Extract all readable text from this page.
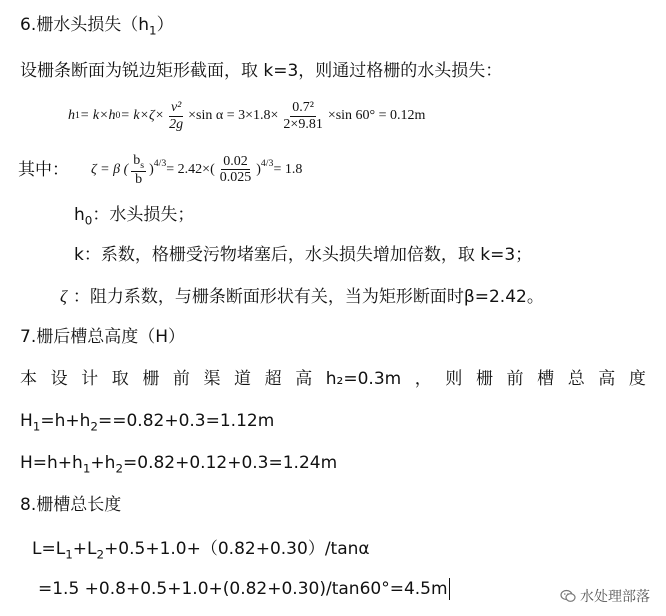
6.栅水头损失$(h_1)$
设栅条断面为锐边矩形截面，取 k=3，则通过格栅的水头损失：
h 1 = k×h $0 = k\times\zeta\times \frac{\text{v²}}{2g} \times\sin$ $\alpha = 3\times 1.8\times \frac{\text{0.7²}}{2\times 9.81} \times\sin$ 60° = 0.12m
其中： ζ = β ( $\frac{b_s}{b} )^{4/3} = 2.42\times( \frac{0.02}{0.025} )^{4/3} = 1.8$
$h_0$：水头损失；
k：系数，格栅受污物堵塞后，水头损失增加倍数，取 k=3；
ζ ：阻力系数，与栅条断面形状有关，当为矩形断面时β=2.42。
7.栅后槽总高度（H）
本 设 计 取 栅 前 渠 道 超 高 h₂=0.3m ， 则 栅 前 槽 总 高 度
$H_1=h+h_2==0.82+0.3=1.12m$
$H=h+h_1+h_2=0.82+0.12+0.3=1.24m$
8.栅槽总长度
$L=L_1+L_2+0.5+1.0+(0.82+0.30)$/tanα
=1.5 +0.8+0.5+1.0+(0.82+0.30)/tan60°=4.5m	水处理部落
